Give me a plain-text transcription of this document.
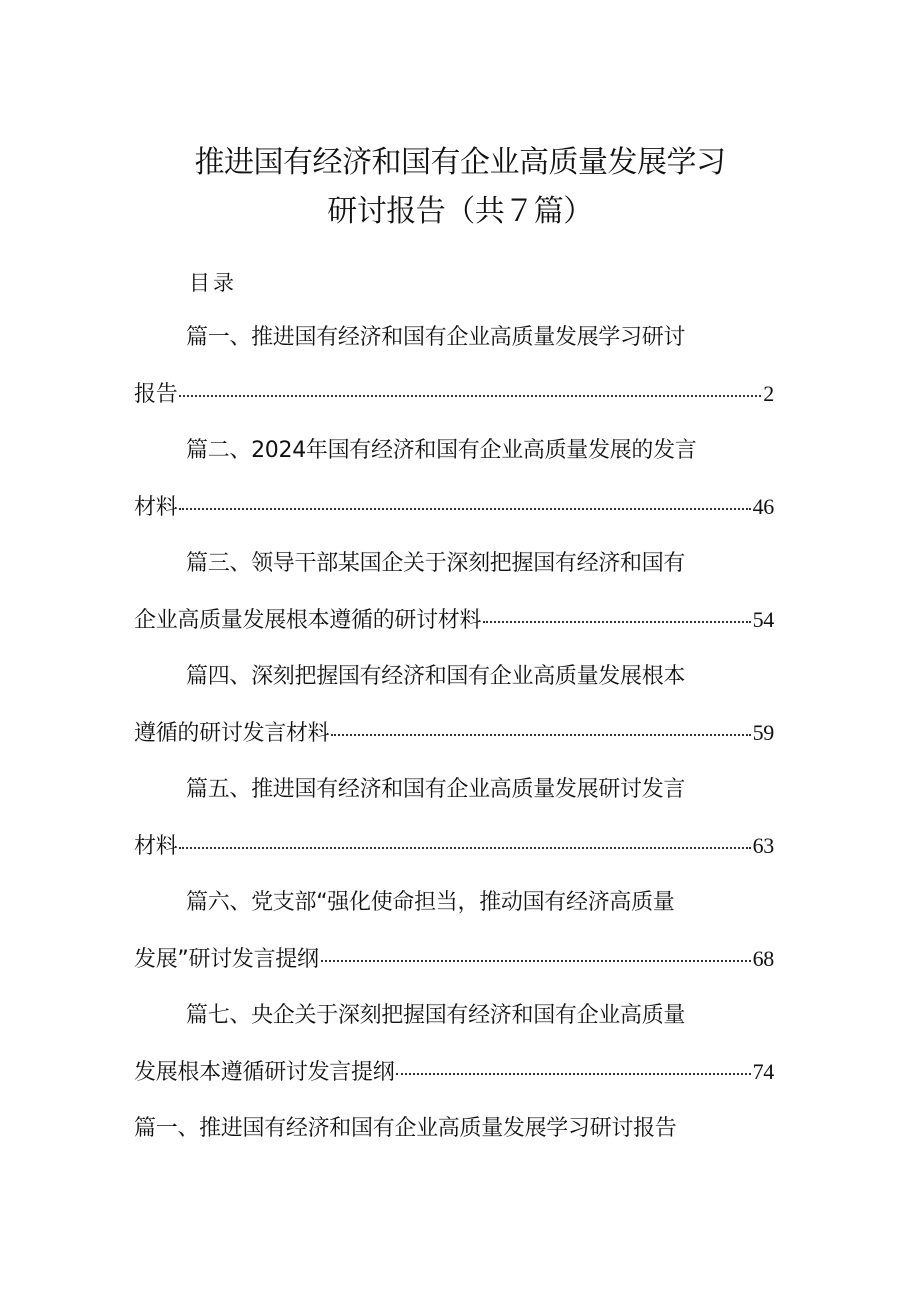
推进国有经济和国有企业高质量发展学习
研讨报告（共７篇）
目录
篇一、推进国有经济和国有企业高质量发展学习研讨
报告	2
篇二、2024年国有经济和国有企业高质量发展的发言
材料	46
篇三、领导干部某国企关于深刻把握国有经济和国有
企业高质量发展根本遵循的研讨材料	54
篇四、深刻把握国有经济和国有企业高质量发展根本
遵循的研讨发言材料	59
篇五、推进国有经济和国有企业高质量发展研讨发言
材料	63
篇六、党支部“强化使命担当，推动国有经济高质量
发展”研讨发言提纲	68
篇七、央企关于深刻把握国有经济和国有企业高质量
发展根本遵循研讨发言提纲	74
篇一、推进国有经济和国有企业高质量发展学习研讨报告
